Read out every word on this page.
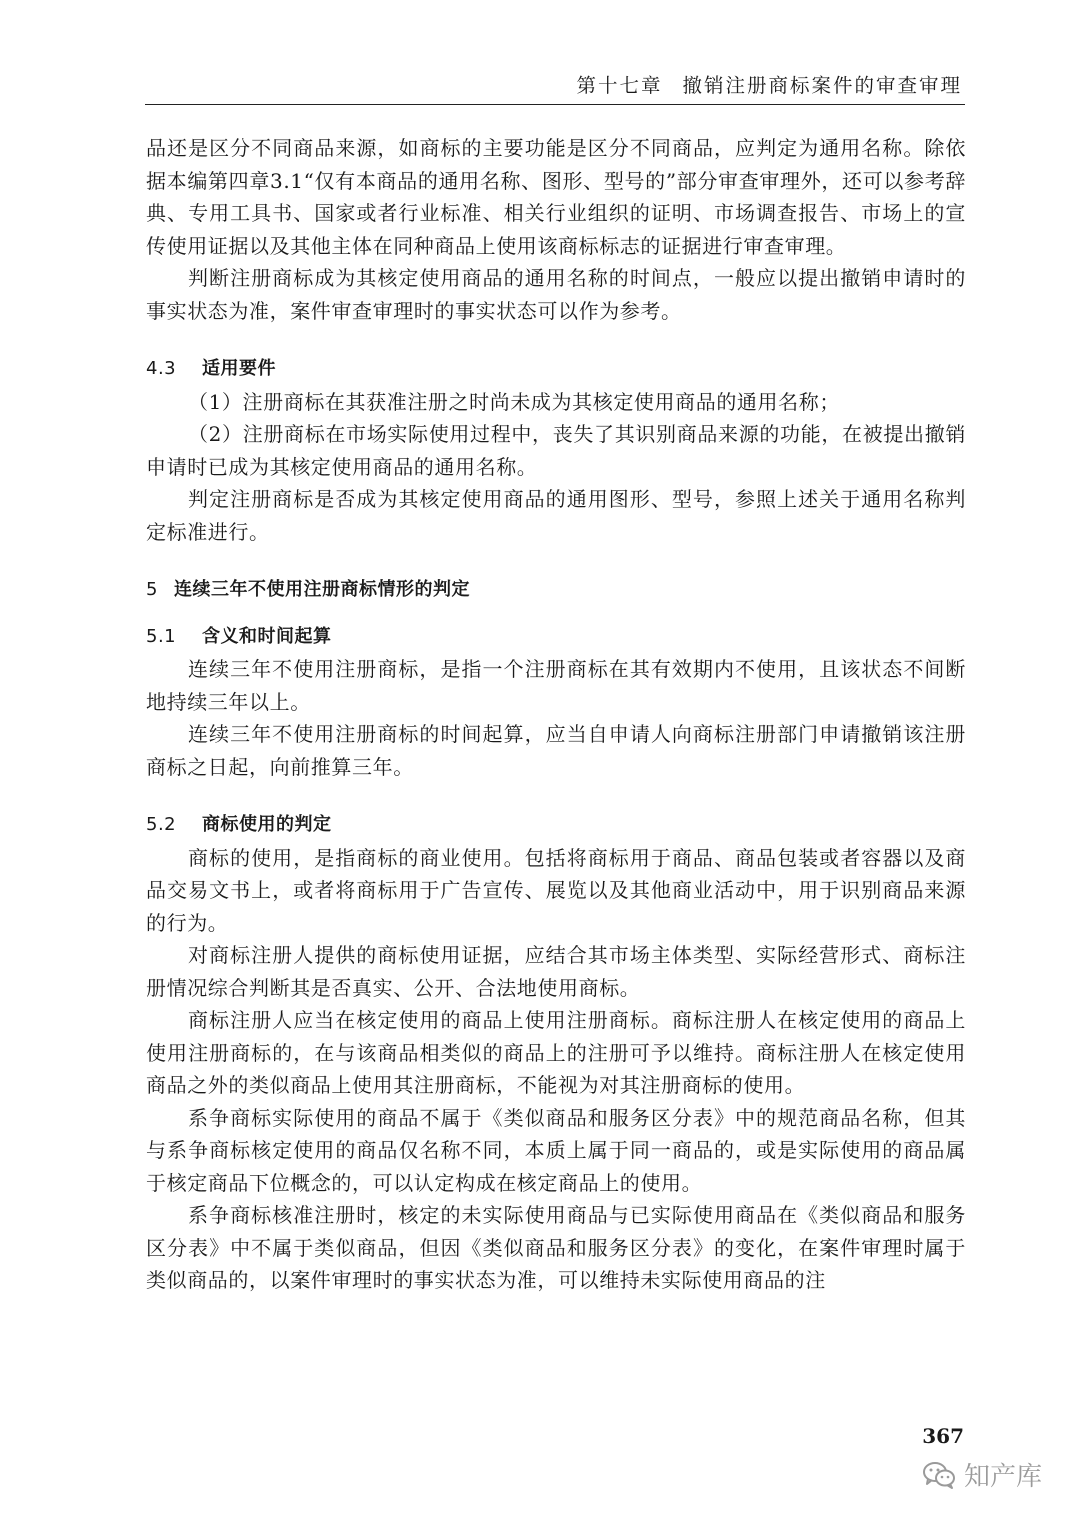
第十七章 撤销注册商标案件的审查审理

品还是区分不同商品来源，如商标的主要功能是区分不同商品，应判定为通用名称。除依据本编第四章3.1“仅有本商品的通用名称、图形、型号的”部分审查审理外，还可以参考辞典、专用工具书、国家或者行业标准、相关行业组织的证明、市场调查报告、市场上的宣传使用证据以及其他主体在同种商品上使用该商标标志的证据进行审查审理。

判断注册商标成为其核定使用商品的通用名称的时间点，一般应以提出撤销申请时的事实状态为准，案件审查审理时的事实状态可以作为参考。

4.3 适用要件

（1）注册商标在其获准注册之时尚未成为其核定使用商品的通用名称；

（2）注册商标在市场实际使用过程中，丧失了其识别商品来源的功能，在被提出撤销申请时已成为其核定使用商品的通用名称。

判定注册商标是否成为其核定使用商品的通用图形、型号，参照上述关于通用名称判定标准进行。

5 连续三年不使用注册商标情形的判定

5.1 含义和时间起算

连续三年不使用注册商标，是指一个注册商标在其有效期内不使用，且该状态不间断地持续三年以上。

连续三年不使用注册商标的时间起算，应当自申请人向商标注册部门申请撤销该注册商标之日起，向前推算三年。

5.2 商标使用的判定

商标的使用，是指商标的商业使用。包括将商标用于商品、商品包装或者容器以及商品交易文书上，或者将商标用于广告宣传、展览以及其他商业活动中，用于识别商品来源的行为。

对商标注册人提供的商标使用证据，应结合其市场主体类型、实际经营形式、商标注册情况综合判断其是否真实、公开、合法地使用商标。

商标注册人应当在核定使用的商品上使用注册商标。商标注册人在核定使用的商品上使用注册商标的，在与该商品相类似的商品上的注册可予以维持。商标注册人在核定使用商品之外的类似商品上使用其注册商标，不能视为对其注册商标的使用。

系争商标实际使用的商品不属于《类似商品和服务区分表》中的规范商品名称，但其与系争商标核定使用的商品仅名称不同，本质上属于同一商品的，或是实际使用的商品属于核定商品下位概念的，可以认定构成在核定商品上的使用。

系争商标核准注册时，核定的未实际使用商品与已实际使用商品在《类似商品和服务区分表》中不属于类似商品，但因《类似商品和服务区分表》的变化，在案件审理时属于类似商品的，以案件审理时的事实状态为准，可以维持未实际使用商品的注

367
知产库
